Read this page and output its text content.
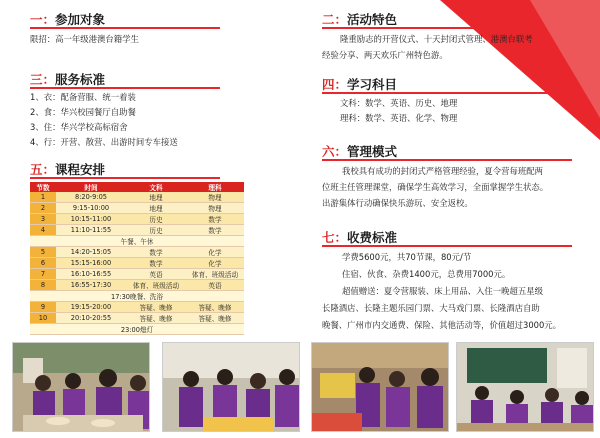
一：参加对象
限招：高一年级港澳台籍学生
三：服务标准
1、衣：配备营服、统一着装
2、食：华兴校园餐厅自助餐
3、住：华兴学校高标宿舍
4、行：开营、散营、出游时间专车接送
五：课程安排
节数	时间	文科	理科
1	8:20-9:05	地理	物理
2	9:15-10:00	地理	物理
3	10:15-11:00	历史	数学
4	11:10-11:55	历史	数学
午餐、午休			
5	14:20-15:05	数学	化学
6	15:15-16:00	数学	化学
7	16:10-16:55	英语	体育、班级活动
8	16:55-17:30	体育、班级活动	英语
17:30晚餐、洗浴			
9	19:15-20:00	答疑、晚修	答疑、晚修
10	20:10-20:55	答疑、晚修	答疑、晚修
23:00熄灯			
二：活动特色
隆重励志的开营仪式、十天封闭式管理、港澳台联考
经验分享、两天欢乐广州特色游。
四：学习科目
文科：数学、英语、历史、地理
理科：数学、英语、化学、物理
六：管理模式
我校具有成功的封闭式严格管理经验，夏令营每班配两
位班主任管理课堂，确保学生高效学习，全面掌握学生状态。
出游集体行动确保快乐游玩、安全返校。
七：收费标准
学费5600元，共70节课，80元/节
住宿、伙食、杂费1400元，总费用7000元。
超值赠送：夏令营服装、床上用品、入住一晚超五星级
长隆酒店、长隆主题乐园门票、大马戏门票、长隆酒店自助
晚餐、广州市内交通费、保险、其他活动等，价值超过3000元。
